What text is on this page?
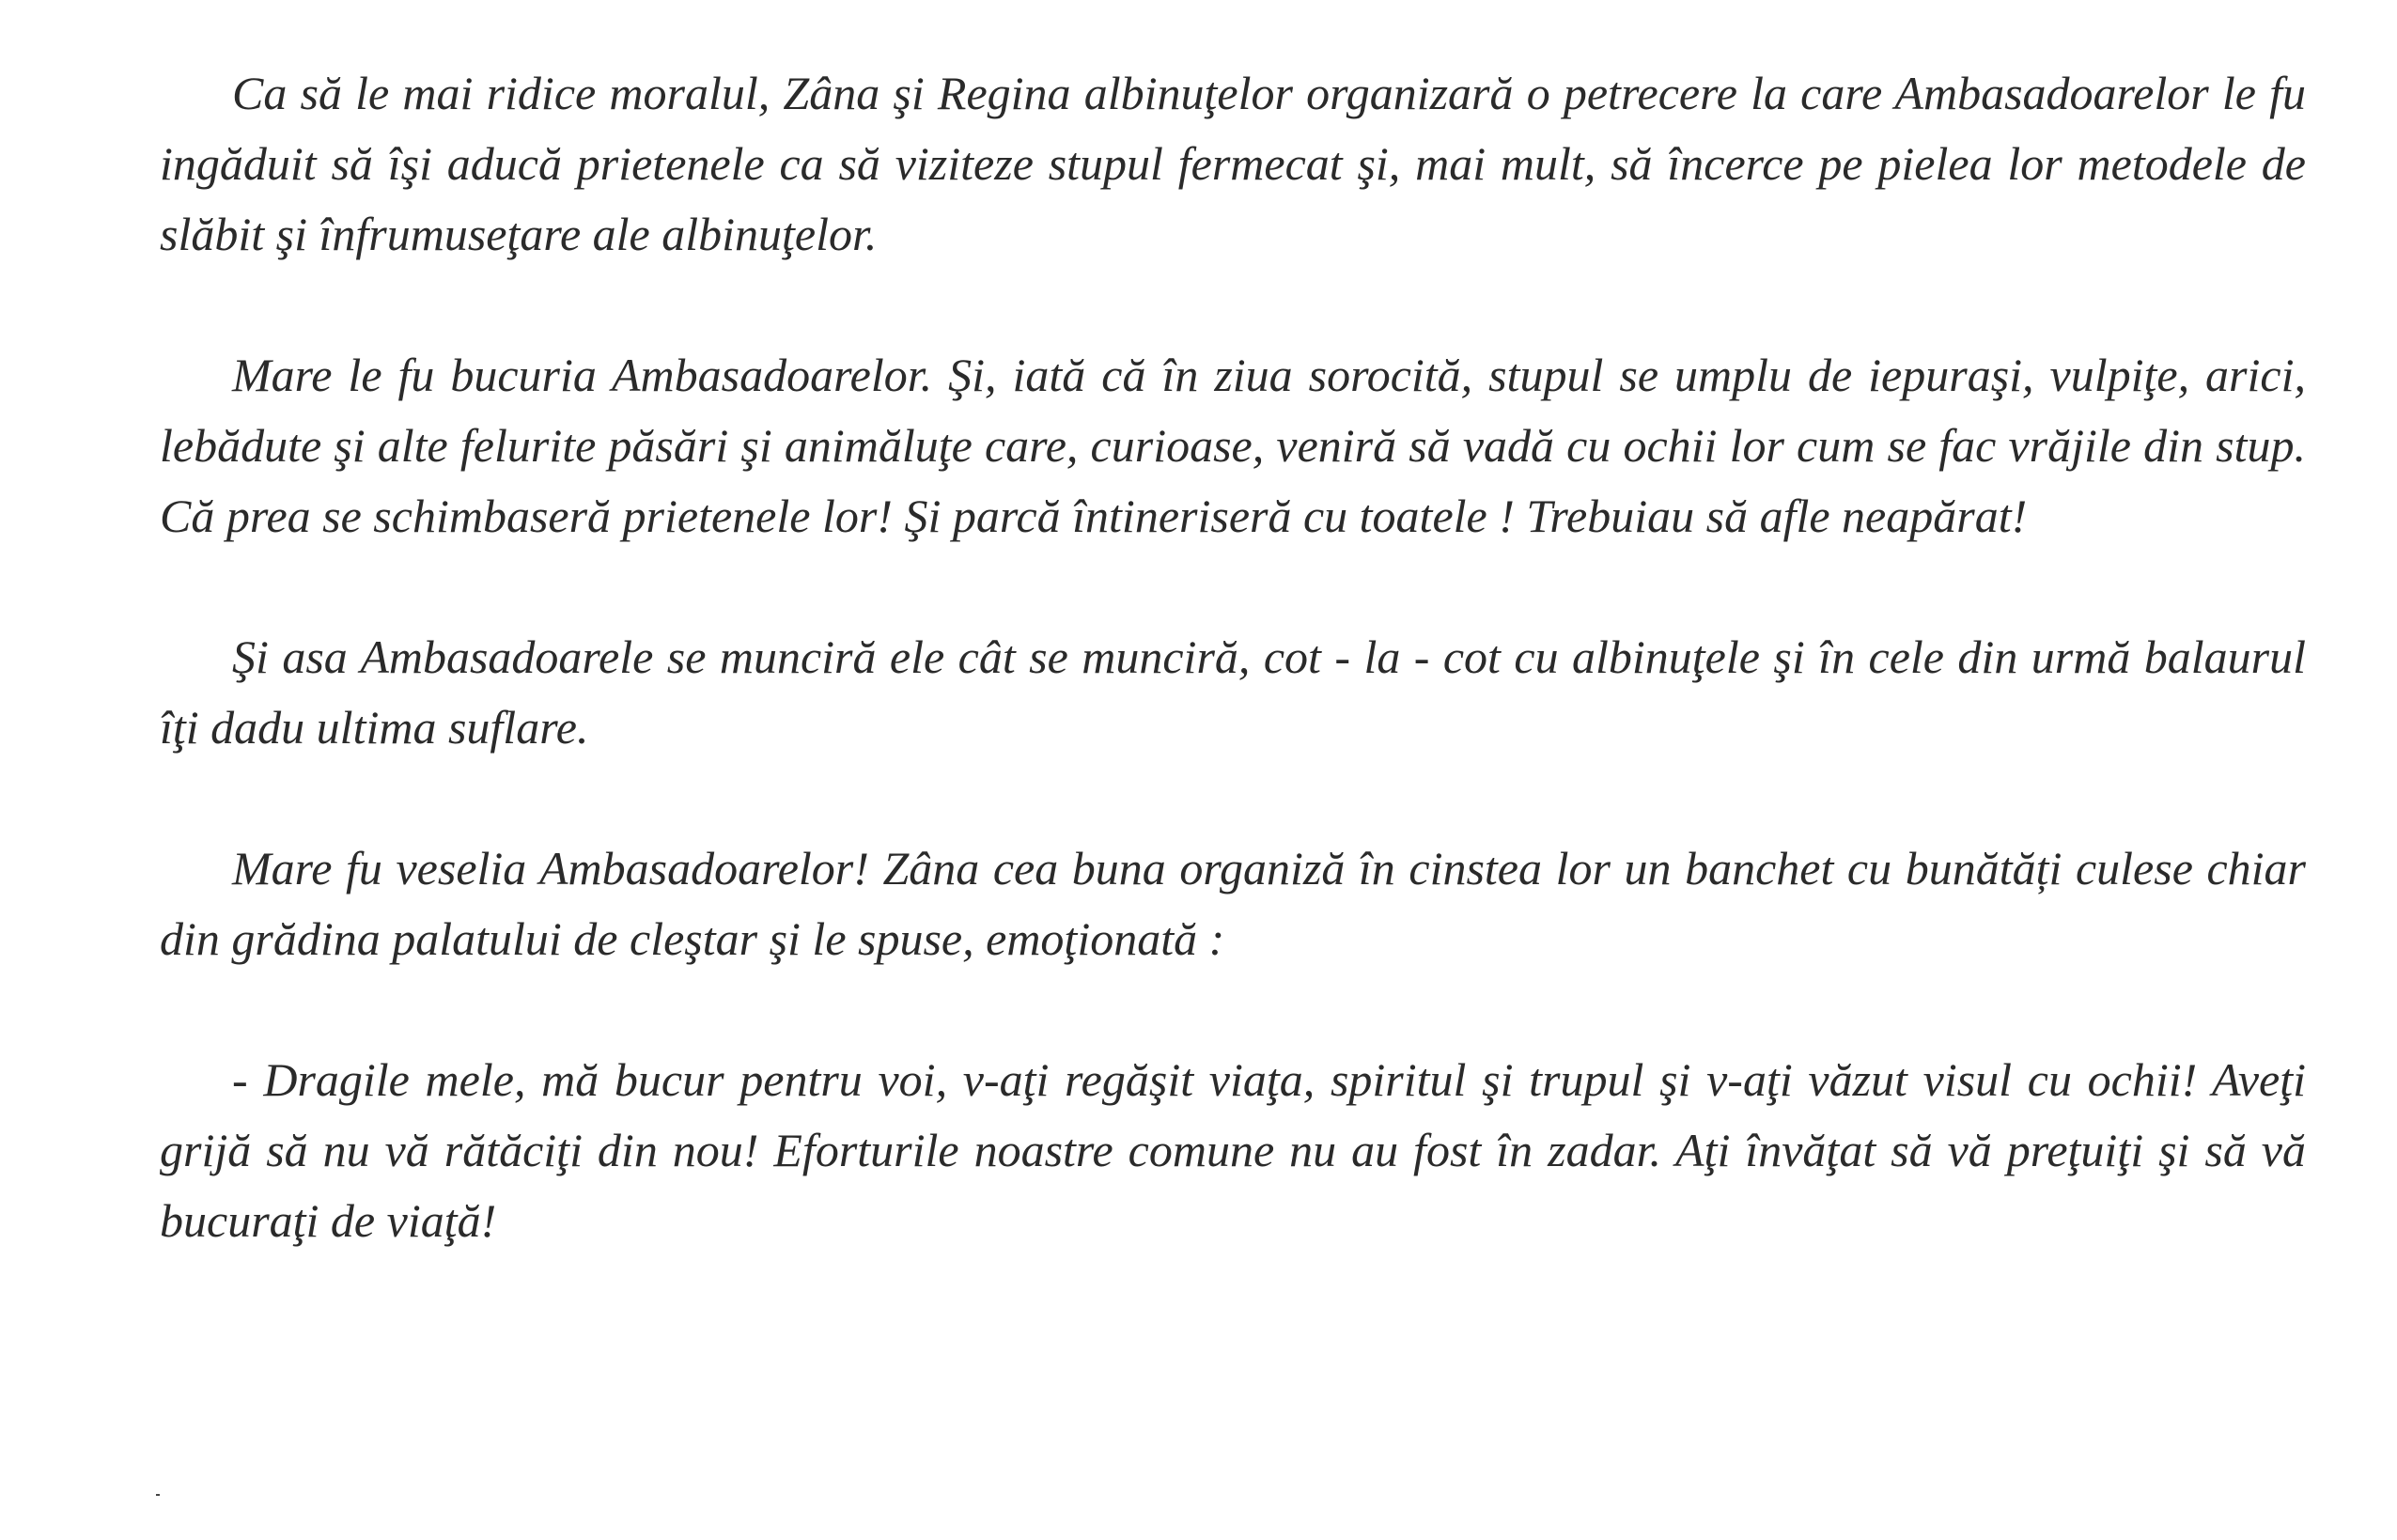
Ca să le mai ridice moralul, Zâna şi Regina albinuţelor organizară o petrecere la care Ambasadoarelor le fu ingăduit să îşi aducă prietenele ca să viziteze stupul fermecat şi, mai mult, să încerce pe pielea lor metodele de slăbit şi înfrumuseţare ale albinuţelor.

Mare le fu bucuria Ambasadoarelor. Şi, iată că în ziua sorocită, stupul se umplu de iepuraşi, vulpiţe, arici, lebădute şi alte felurite păsări şi animăluţe care, curioase, veniră să vadă cu ochii lor cum se fac vrăjile din stup. Că prea se schimbaseră prietenele lor! Şi parcă întineriseră cu toatele ! Trebuiau să afle neapărat!

Şi asa Ambasadoarele se munciră ele cât se munciră, cot - la - cot cu albinuţele şi în cele din urmă balaurul îţi dadu ultima suflare.

Mare fu veselia Ambasadoarelor! Zâna cea buna organiză în cinstea lor un banchet cu bunătăți culese chiar din grădina palatului de cleştar şi le spuse, emoţionată :

- Dragile mele, mă bucur pentru voi, v-aţi regăşit viaţa, spiritul şi trupul şi v-aţi văzut visul cu ochii! Aveţi grijă să nu vă rătăciţi din nou! Eforturile noastre comune nu au fost în zadar. Aţi învăţat să vă preţuiţi şi să vă bucuraţi de viaţă!
